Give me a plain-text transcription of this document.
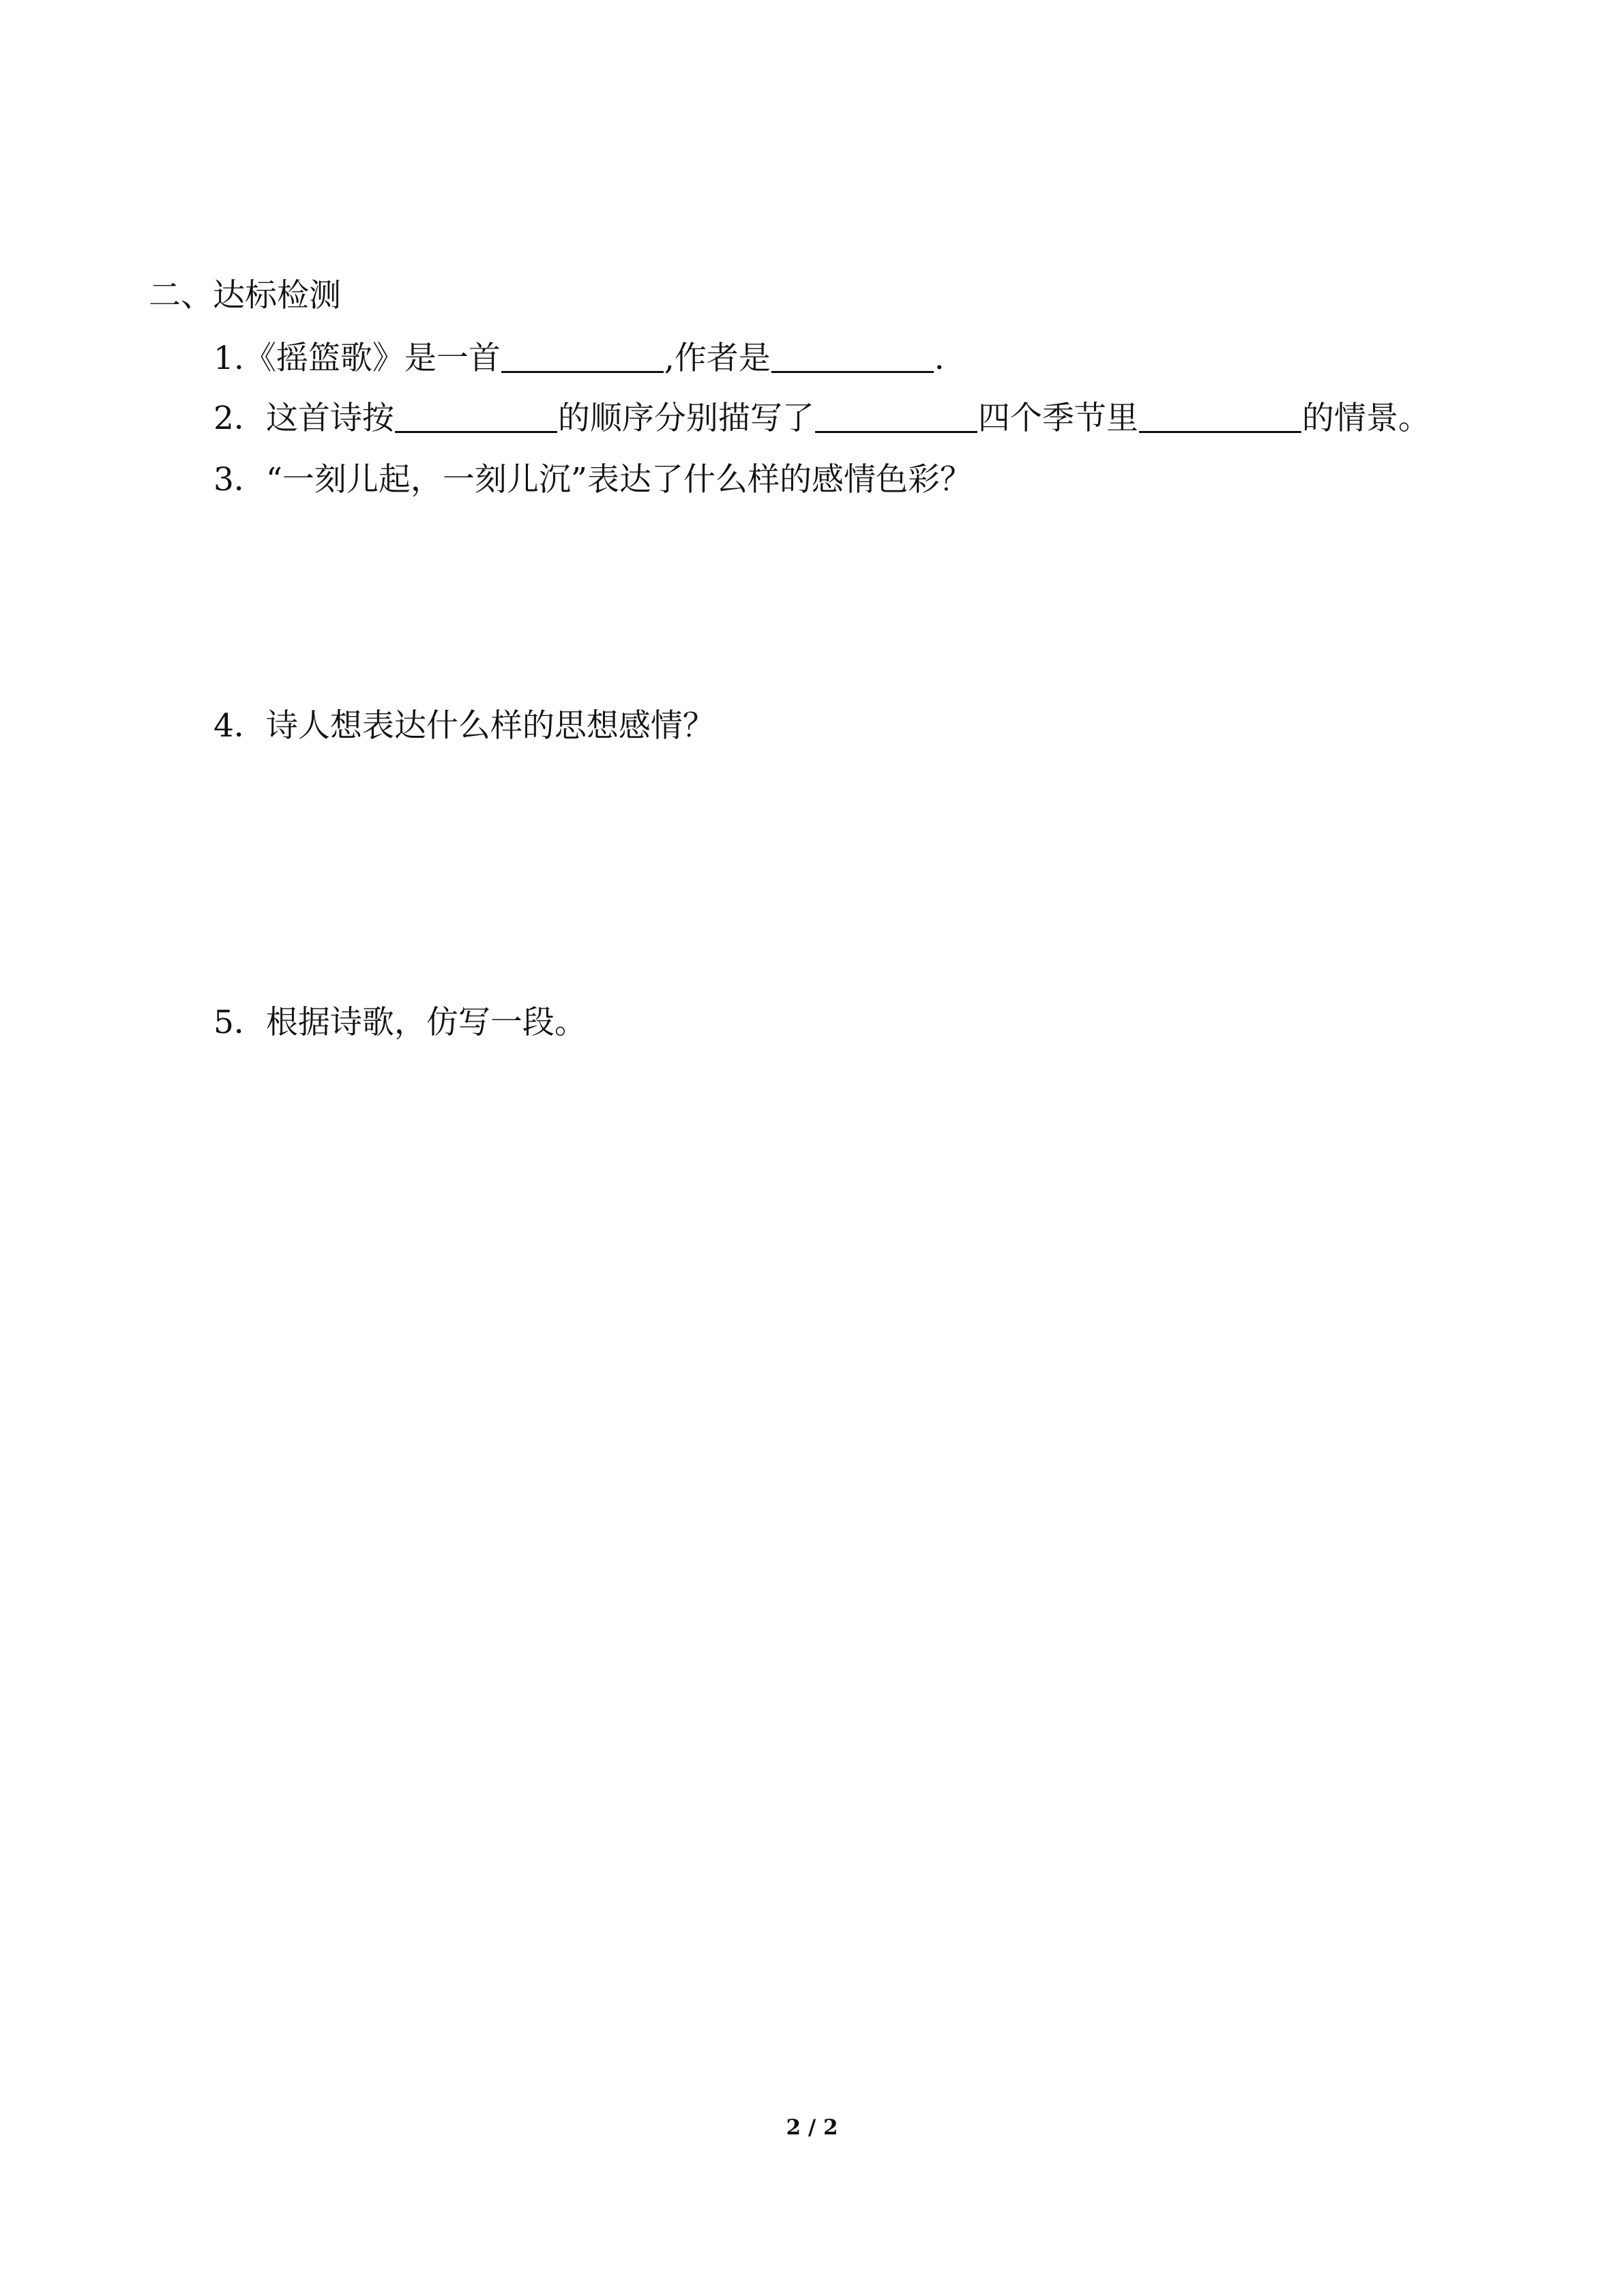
二、达标检测
1.《摇篮歌》是一首	,作者是	.
2．这首诗按	的顺序分别描写了	四个季节里	的情景。
3．“一刻儿起，一刻儿沉”表达了什么样的感情色彩？
4．诗人想表达什么样的思想感情？
5．根据诗歌，仿写一段。
2 / 2
